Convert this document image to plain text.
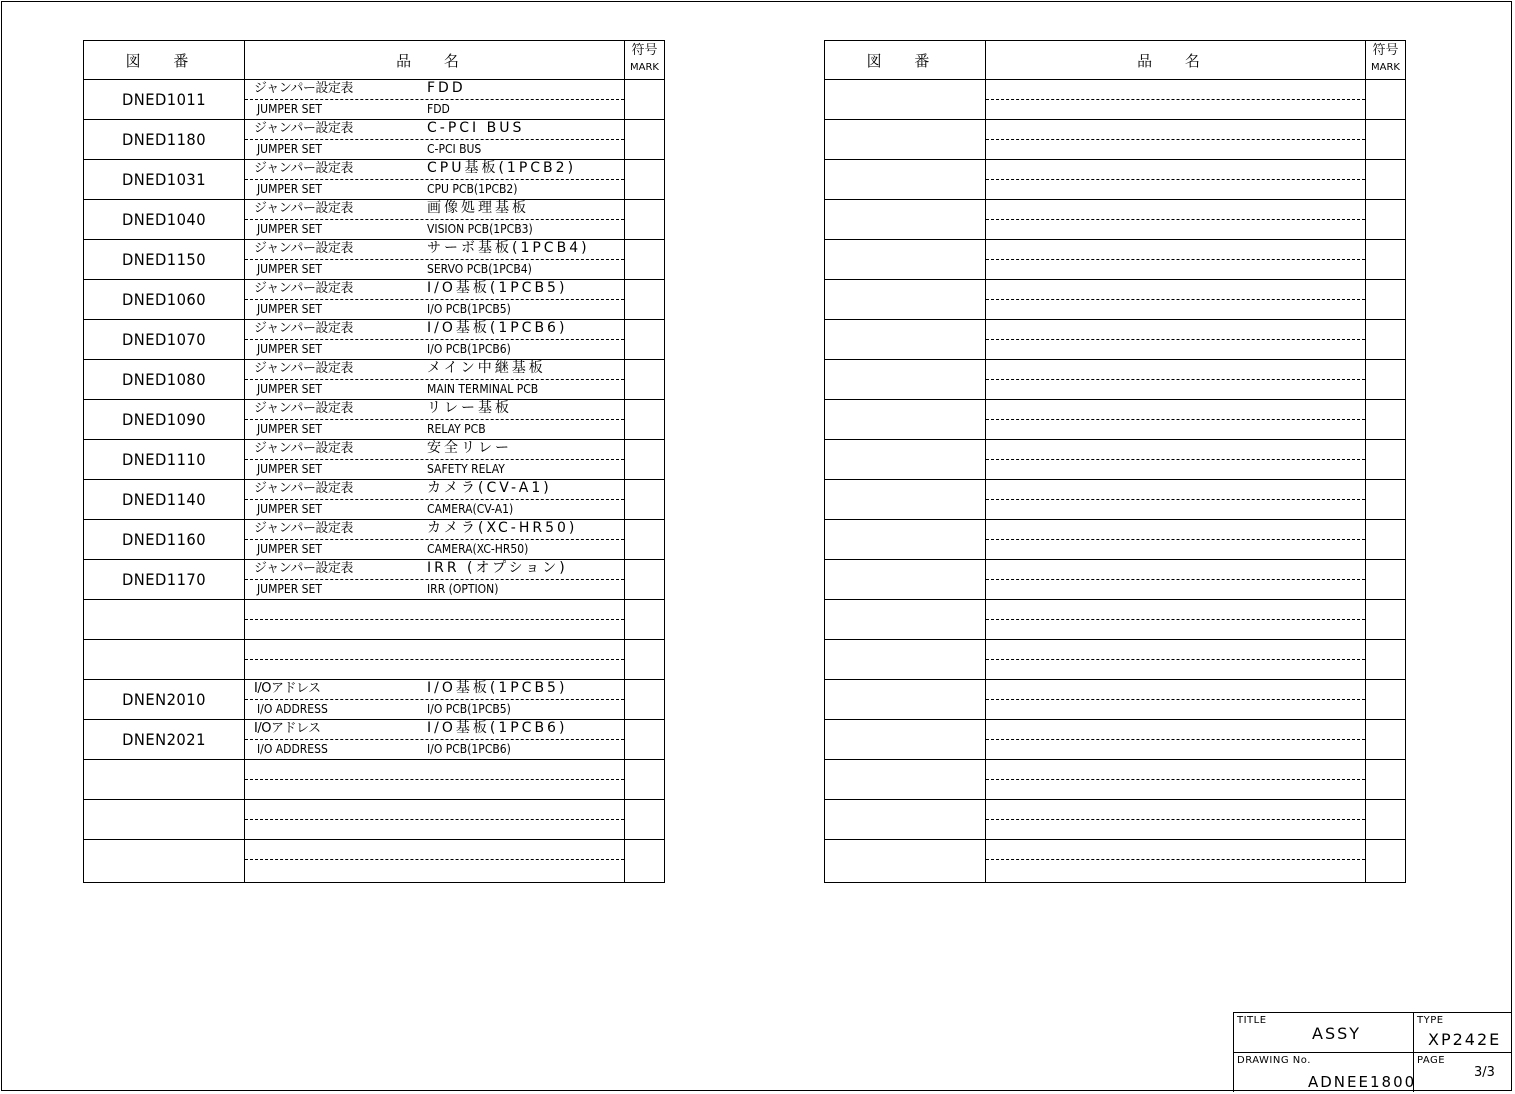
図 番	品 名
符号
MARK
DNED1011
ジャンパー設定表	FDD
JUMPER SET	FDD
DNED1180
ジャンパー設定表	C-PCI BUS
JUMPER SET	C-PCI BUS
DNED1031
ジャンパー設定表	CPU基板(1PCB2)
JUMPER SET	CPU PCB(1PCB2)
DNED1040
ジャンパー設定表	画像処理基板
JUMPER SET	VISION PCB(1PCB3)
DNED1150
ジャンパー設定表	サーボ基板(1PCB4)
JUMPER SET	SERVO PCB(1PCB4)
DNED1060
ジャンパー設定表	I/O基板(1PCB5)
JUMPER SET	I/O PCB(1PCB5)
DNED1070
ジャンパー設定表	I/O基板(1PCB6)
JUMPER SET	I/O PCB(1PCB6)
DNED1080
ジャンパー設定表	メイン中継基板
JUMPER SET	MAIN TERMINAL PCB
DNED1090
ジャンパー設定表	リレー基板
JUMPER SET	RELAY PCB
DNED1110
ジャンパー設定表	安全リレー
JUMPER SET	SAFETY RELAY
DNED1140
ジャンパー設定表	カメラ(CV-A1)
JUMPER SET	CAMERA(CV-A1)
DNED1160
ジャンパー設定表	カメラ(XC-HR50)
JUMPER SET	CAMERA(XC-HR50)
DNED1170
ジャンパー設定表	IRR (オプション)
JUMPER SET	IRR (OPTION)
DNEN2010
I/Oアドレス	I/O基板(1PCB5)
I/O ADDRESS	I/O PCB(1PCB5)
DNEN2021
I/Oアドレス	I/O基板(1PCB6)
I/O ADDRESS	I/O PCB(1PCB6)
図 番	品 名
符号
MARK
TITLE
ASSY
TYPE
XP242E
DRAWING No.
ADNEE1800
PAGE
3/3
